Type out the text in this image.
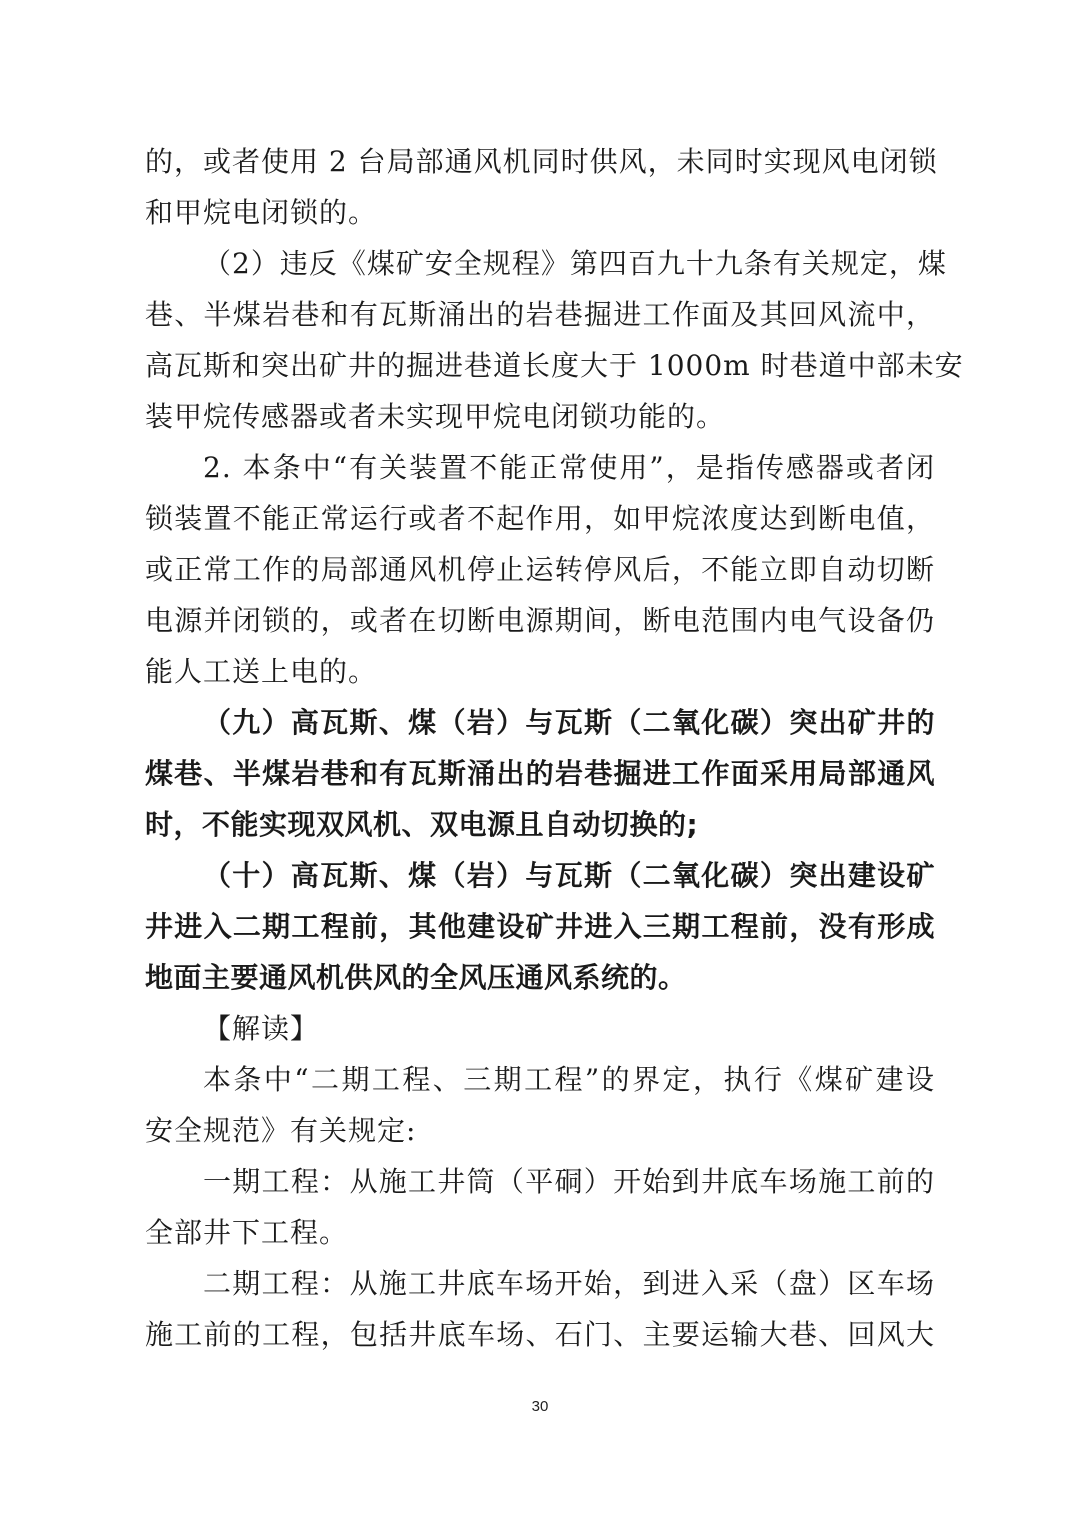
的，或者使用 2 台局部通风机同时供风，未同时实现风电闭锁
和甲烷电闭锁的。
（2）违反《煤矿安全规程》第四百九十九条有关规定，煤
巷、半煤岩巷和有瓦斯涌出的岩巷掘进工作面及其回风流中，
高瓦斯和突出矿井的掘进巷道长度大于 1000m 时巷道中部未安
装甲烷传感器或者未实现甲烷电闭锁功能的。
2. 本条中“有关装置不能正常使用”，是指传感器或者闭
锁装置不能正常运行或者不起作用，如甲烷浓度达到断电值，
或正常工作的局部通风机停止运转停风后，不能立即自动切断
电源并闭锁的，或者在切断电源期间，断电范围内电气设备仍
能人工送上电的。
（九）高瓦斯、煤（岩）与瓦斯（二氧化碳）突出矿井的
煤巷、半煤岩巷和有瓦斯涌出的岩巷掘进工作面采用局部通风
时，不能实现双风机、双电源且自动切换的;
（十）高瓦斯、煤（岩）与瓦斯（二氧化碳）突出建设矿
井进入二期工程前，其他建设矿井进入三期工程前，没有形成
地面主要通风机供风的全风压通风系统的。
【解读】
本条中“二期工程、三期工程”的界定，执行《煤矿建设
安全规范》有关规定:
一期工程：从施工井筒（平硐）开始到井底车场施工前的
全部井下工程。
二期工程：从施工井底车场开始，到进入采（盘）区车场
施工前的工程，包括井底车场、石门、主要运输大巷、回风大
30
